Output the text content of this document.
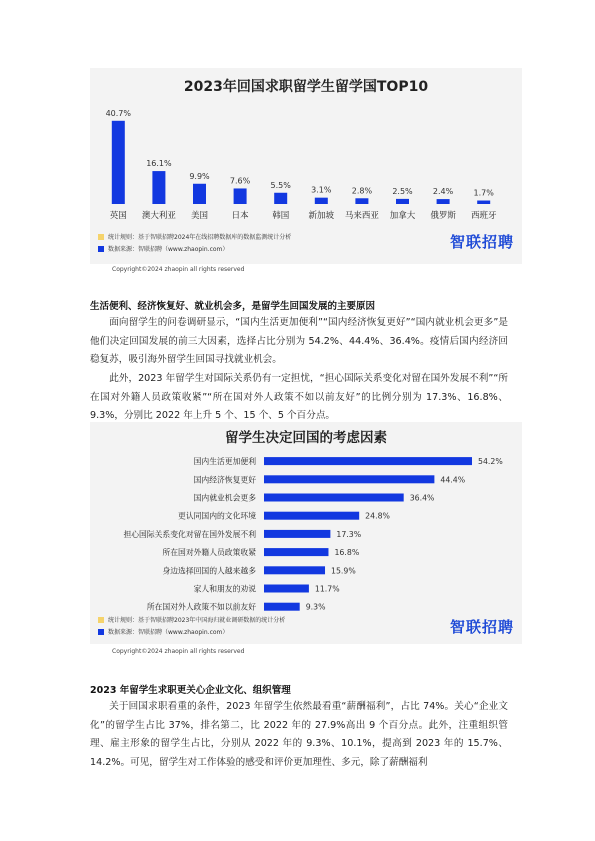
2023年回国求职留学生留学国TOP10
40.7%
英国
16.1%
澳大利亚
9.9%
美国
7.6%
日本
5.5%
韩国
3.1%
新加坡
2.8%
马来西亚
2.5%
加拿大
2.4%
俄罗斯
1.7%
西班牙
统计规则：基于智联招聘2024年在线招聘数据库的数据监测统计分析
数据来源：智联招聘（www.zhaopin.com）	智联招聘
Copyright©2024 zhaopin all rights reserved
生活便利、经济恢复好、就业机会多，是留学生回国发展的主要原因

面向留学生的问卷调研显示，“国内生活更加便利”“国内经济恢复更好”“国内就业机会更多”是他们决定回国发展的前三大因素，选择占比分别为 54.2%、44.4%、36.4%。疫情后国内经济回稳复苏，吸引海外留学生回国寻找就业机会。

此外，2023 年留学生对国际关系仍有一定担忧，“担心国际关系变化对留在国外发展不利”“所在国对外籍人员政策收紧”“所在国对外人政策不如以前友好”的比例分别为 17.3%、16.8%、9.3%，分别比 2022 年上升 5 个、15 个、5 个百分点。

留学生决定回国的考虑因素
国内生活更加便利	54.2%
国内经济恢复更好	44.4%
国内就业机会更多	36.4%
更认同国内的文化环境	24.8%
担心国际关系变化对留在国外发展不利	17.3%
所在国对外籍人员政策收紧	16.8%
身边选择回国的人越来越多	15.9%
家人和朋友的劝说	11.7%
所在国对外人政策不如以前友好	9.3%
统计规则：基于智联招聘2023年中国海归就业调研数据的统计分析
数据来源：智联招聘（www.zhaopin.com）	智联招聘
Copyright©2024 zhaopin all rights reserved
2023 年留学生求职更关心企业文化、组织管理

关于回国求职看重的条件，2023 年留学生依然最看重“薪酬福利”，占比 74%。关心“企业文化”的留学生占比 37%，排名第二，比 2022 年的 27.9%高出 9 个百分点。此外，注重组织管理、雇主形象的留学生占比，分别从 2022 年的 9.3%、10.1%，提高到 2023 年的 15.7%、14.2%。可见，留学生对工作体验的感受和评价更加理性、多元，除了薪酬福利
